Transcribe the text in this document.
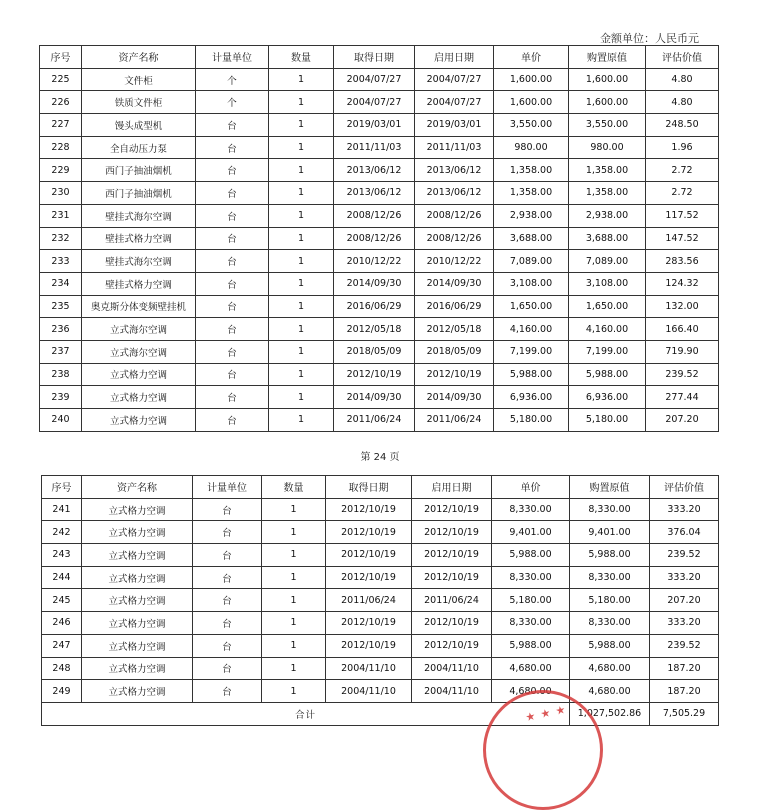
金额单位：人民币元
序号	资产名称	计量单位	数量	取得日期	启用日期	单价	购置原值	评估价值
225	文件柜	个	1	2004/07/27	2004/07/27	1,600.00	1,600.00	4.80
226	铁质文件柜	个	1	2004/07/27	2004/07/27	1,600.00	1,600.00	4.80
227	馒头成型机	台	1	2019/03/01	2019/03/01	3,550.00	3,550.00	248.50
228	全自动压力泵	台	1	2011/11/03	2011/11/03	980.00	980.00	1.96
229	西门子抽油烟机	台	1	2013/06/12	2013/06/12	1,358.00	1,358.00	2.72
230	西门子抽油烟机	台	1	2013/06/12	2013/06/12	1,358.00	1,358.00	2.72
231	壁挂式海尔空调	台	1	2008/12/26	2008/12/26	2,938.00	2,938.00	117.52
232	壁挂式格力空调	台	1	2008/12/26	2008/12/26	3,688.00	3,688.00	147.52
233	壁挂式海尔空调	台	1	2010/12/22	2010/12/22	7,089.00	7,089.00	283.56
234	壁挂式格力空调	台	1	2014/09/30	2014/09/30	3,108.00	3,108.00	124.32
235	奥克斯分体变频壁挂机	台	1	2016/06/29	2016/06/29	1,650.00	1,650.00	132.00
236	立式海尔空调	台	1	2012/05/18	2012/05/18	4,160.00	4,160.00	166.40
237	立式海尔空调	台	1	2018/05/09	2018/05/09	7,199.00	7,199.00	719.90
238	立式格力空调	台	1	2012/10/19	2012/10/19	5,988.00	5,988.00	239.52
239	立式格力空调	台	1	2014/09/30	2014/09/30	6,936.00	6,936.00	277.44
240	立式格力空调	台	1	2011/06/24	2011/06/24	5,180.00	5,180.00	207.20
第 24 页
序号	资产名称	计量单位	数量	取得日期	启用日期	单价	购置原值	评估价值
241	立式格力空调	台	1	2012/10/19	2012/10/19	8,330.00	8,330.00	333.20
242	立式格力空调	台	1	2012/10/19	2012/10/19	9,401.00	9,401.00	376.04
243	立式格力空调	台	1	2012/10/19	2012/10/19	5,988.00	5,988.00	239.52
244	立式格力空调	台	1	2012/10/19	2012/10/19	8,330.00	8,330.00	333.20
245	立式格力空调	台	1	2011/06/24	2011/06/24	5,180.00	5,180.00	207.20
246	立式格力空调	台	1	2012/10/19	2012/10/19	8,330.00	8,330.00	333.20
247	立式格力空调	台	1	2012/10/19	2012/10/19	5,988.00	5,988.00	239.52
248	立式格力空调	台	1	2004/11/10	2004/11/10	4,680.00	4,680.00	187.20
249	立式格力空调	台	1	2004/11/10	2004/11/10	4,680.00	4,680.00	187.20
合计							1,027,502.86	7,505.29
★ ★ ★
